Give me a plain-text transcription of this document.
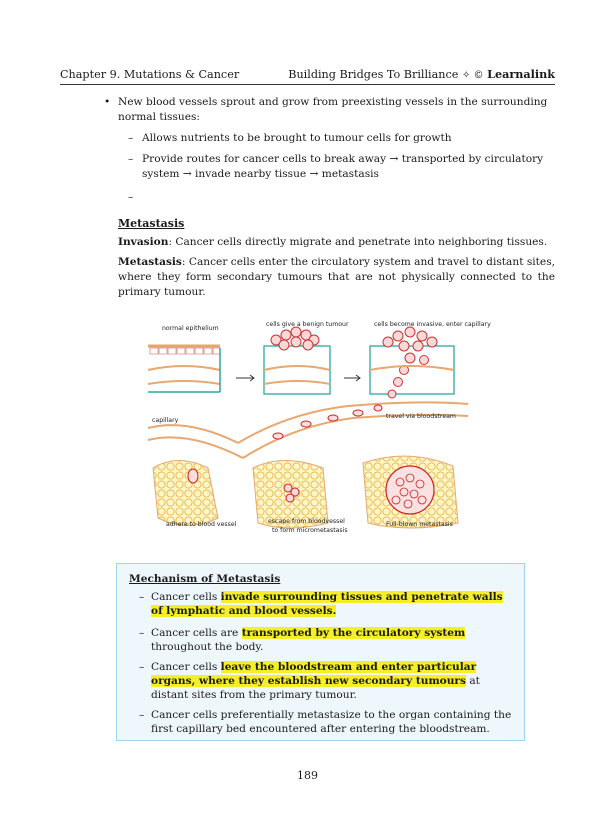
Chapter 9. Mutations & Cancer	Building Bridges To Brilliance ✧ © Learnalink
• New blood vessels sprout and grow from preexisting vessels in the surrounding normal tissues:
– Allows nutrients to be brought to tumour cells for growth
– Provide routes for cancer cells to break away → transported by circulatory system → invade nearby tissue → metastasis
–
Metastasis

Invasion: Cancer cells directly migrate and penetrate into neighboring tissues.

Metastasis: Cancer cells enter the circulatory system and travel to distant sites, where they form secondary tumours that are not physically connected to the primary tumour.

normal epithelium
cells give a benign tumour	cells become invasive, enter capillary
capillary
travel via bloodstream
adhere to blood vessel	escape from bloodvessel
to form micrometastasis
Full-blown metastasis
Mechanism of Metastasis
– Cancer cells invade surrounding tissues and penetrate walls of lymphatic and blood vessels.
– Cancer cells are transported by the circulatory system throughout the body.
– Cancer cells leave the bloodstream and enter particular organs, where they establish new secondary tumours at distant sites from the primary tumour.
– Cancer cells preferentially metastasize to the organ containing the first capillary bed encountered after entering the bloodstream.
189
